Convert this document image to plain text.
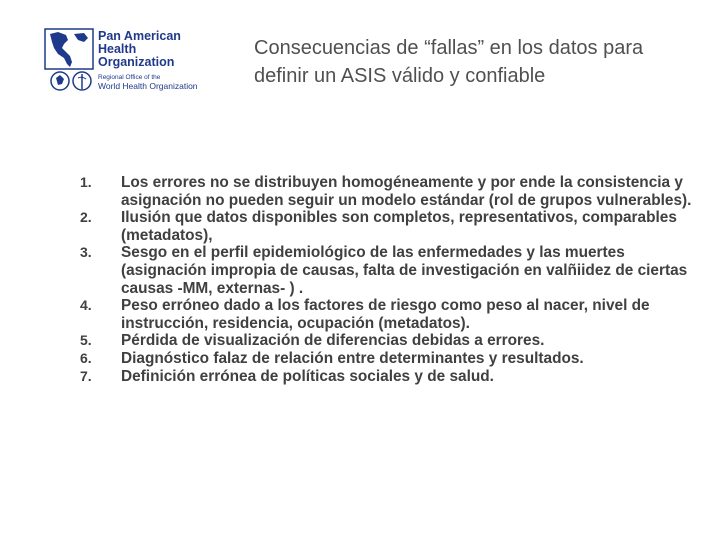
Pan American
Health
Organization
Regional Office of the
World Health Organization
Consecuencias de “fallas” en los datos para definir un ASIS válido y confiable
1.	Los errores no se distribuyen homogéneamente y por ende la consistencia y asignación no pueden seguir un modelo estándar (rol de grupos vulnerables).
2.	Ilusión que datos disponibles son completos, representativos, comparables (metadatos),
3.	Sesgo en el perfil epidemiológico de las enfermedades y las muertes (asignación impropia de causas, falta de investigación en valñiidez de ciertas causas -MM, externas- ) .
4.	Peso erróneo dado a los factores de riesgo como peso al nacer, nivel de instrucción, residencia, ocupación (metadatos).
5.	Pérdida de visualización de diferencias debidas a errores.
6.	Diagnóstico falaz de relación entre determinantes y resultados.
7.	Definición errónea de políticas sociales y de salud.
